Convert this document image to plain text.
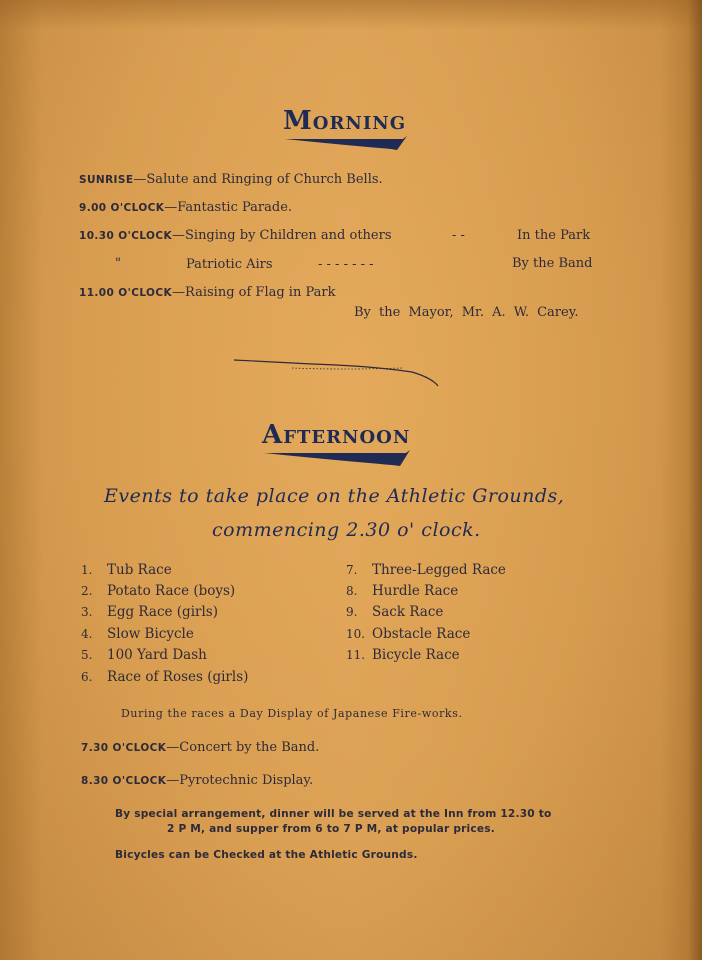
MORNING
SUNRISE—Salute and Ringing of Church Bells.
9.00 O'CLOCK—Fantastic Parade.
10.30 O'CLOCK—Singing by Children and others	- -	In the Park
"	Patriotic Airs	- - - - - - -	By the Band
11.00 O'CLOCK—Raising of Flag in Park
By the Mayor, Mr. A. W. Carey.
AFTERNOON
Events to take place on the Athletic Grounds,
commencing 2.30 o' clock.
1. Tub Race
2. Potato Race (boys)
3. Egg Race (girls)
4. Slow Bicycle
5. 100 Yard Dash
6. Race of Roses (girls)
7. Three-Legged Race
8. Hurdle Race
9. Sack Race
10. Obstacle Race
11. Bicycle Race
During the races a Day Display of Japanese Fire-works.
7.30 O'CLOCK—Concert by the Band.
8.30 O'CLOCK—Pyrotechnic Display.
By special arrangement, dinner will be served at the Inn from 12.30 to
2 P M, and supper from 6 to 7 P M, at popular prices.
Bicycles can be Checked at the Athletic Grounds.
